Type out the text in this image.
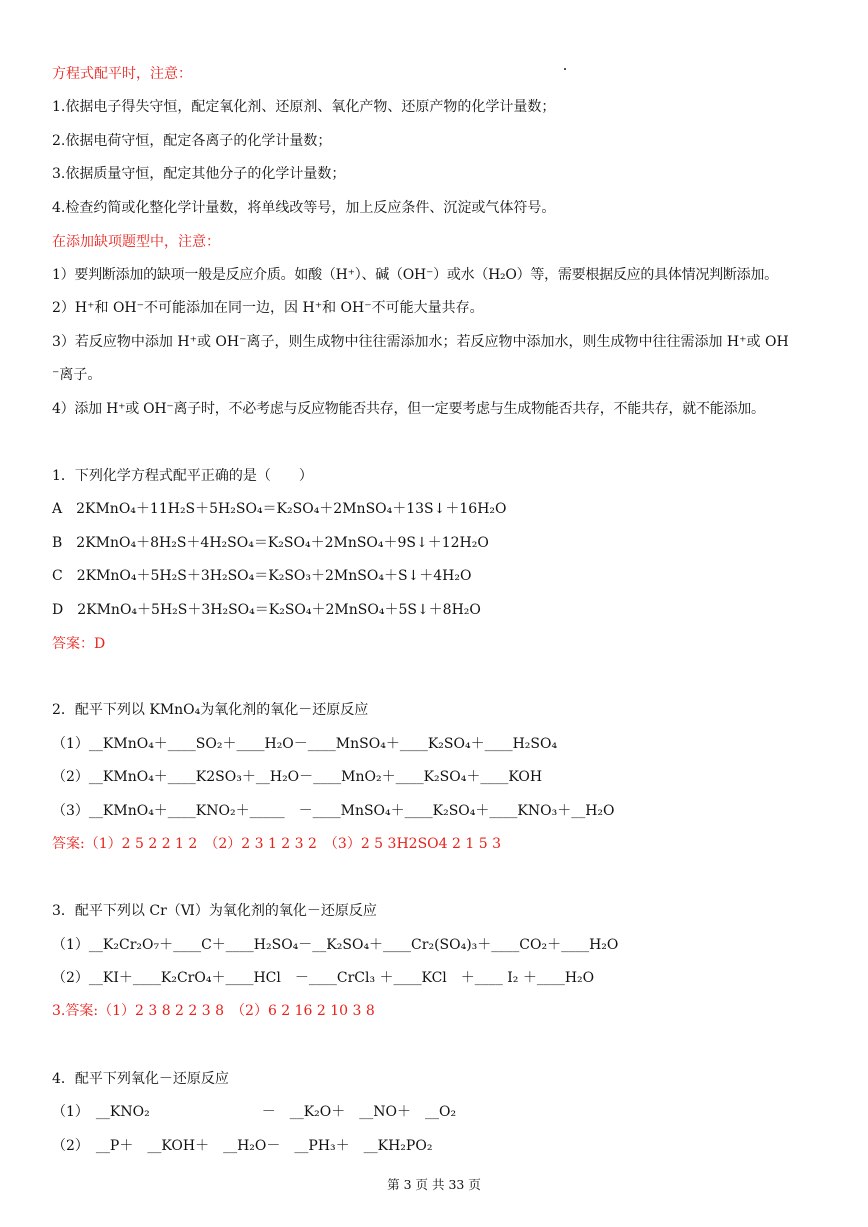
方程式配平时，注意：
1.依据电子得失守恒，配定氧化剂、还原剂、氧化产物、还原产物的化学计量数；
2.依据电荷守恒，配定各离子的化学计量数；
3.依据质量守恒，配定其他分子的化学计量数；
4.检查约简或化整化学计量数，将单线改等号，加上反应条件、沉淀或气体符号。
在添加缺项题型中，注意：
1）要判断添加的缺项一般是反应介质。如酸（H⁺）、碱（OH⁻）或水（H₂O）等，需要根据反应的具体情况判断添加。
2）H⁺和 OH⁻不可能添加在同一边，因 H⁺和 OH⁻不可能大量共存。
3）若反应物中添加 H⁺或 OH⁻离子，则生成物中往往需添加水；若反应物中添加水，则生成物中往往需添加 H⁺或 OH
⁻离子。
4）添加 H⁺或 OH⁻离子时，不必考虑与反应物能否共存，但一定要考虑与生成物能否共存，不能共存，就不能添加。
1．下列化学方程式配平正确的是（　　）
A　2KMnO₄＋11H₂S＋5H₂SO₄＝K₂SO₄＋2MnSO₄＋13S↓＋16H₂O
B　2KMnO₄＋8H₂S＋4H₂SO₄＝K₂SO₄＋2MnSO₄＋9S↓＋12H₂O
C　2KMnO₄＋5H₂S＋3H₂SO₄＝K₂SO₃＋2MnSO₄＋S↓＋4H₂O
D　2KMnO₄＋5H₂S＋3H₂SO₄＝K₂SO₄＋2MnSO₄＋5S↓＋8H₂O
答案：D
2．配平下列以 KMnO₄为氧化剂的氧化－还原反应
（1）__KMnO₄＋____SO₂＋____H₂O－____MnSO₄＋____K₂SO₄＋____H₂SO₄
（2）__KMnO₄＋____K2SO₃＋__H₂O－____MnO₂＋____K₂SO₄＋____KOH
（3）__KMnO₄＋____KNO₂＋_____　－____MnSO₄＋____K₂SO₄＋____KNO₃＋__H₂O
答案:（1）2 5 2 2 1 2　（2）2 3 1 2 3 2　（3）2 5 3H2SO4 2 1 5 3
3．配平下列以 Cr（Ⅵ）为氧化剂的氧化－还原反应
（1）__K₂Cr₂O₇＋____C＋____H₂SO₄－__K₂SO₄＋____Cr₂(SO₄)₃＋____CO₂＋____H₂O
（2）__KI＋____K₂CrO₄＋____HCl　－____CrCl₃ ＋____KCl　＋____ I₂ ＋____H₂O
3.答案:（1）2 3 8 2 2 3 8　（2）6 2 16 2 10 3 8
4．配平下列氧化－还原反应
（1）　__KNO₂　　　　　　　　－　__K₂O＋　__NO＋　__O₂
（2）　__P＋　__KOH＋　__H₂O－　__PH₃＋　__KH₂PO₂
第 3 页 共 33 页
